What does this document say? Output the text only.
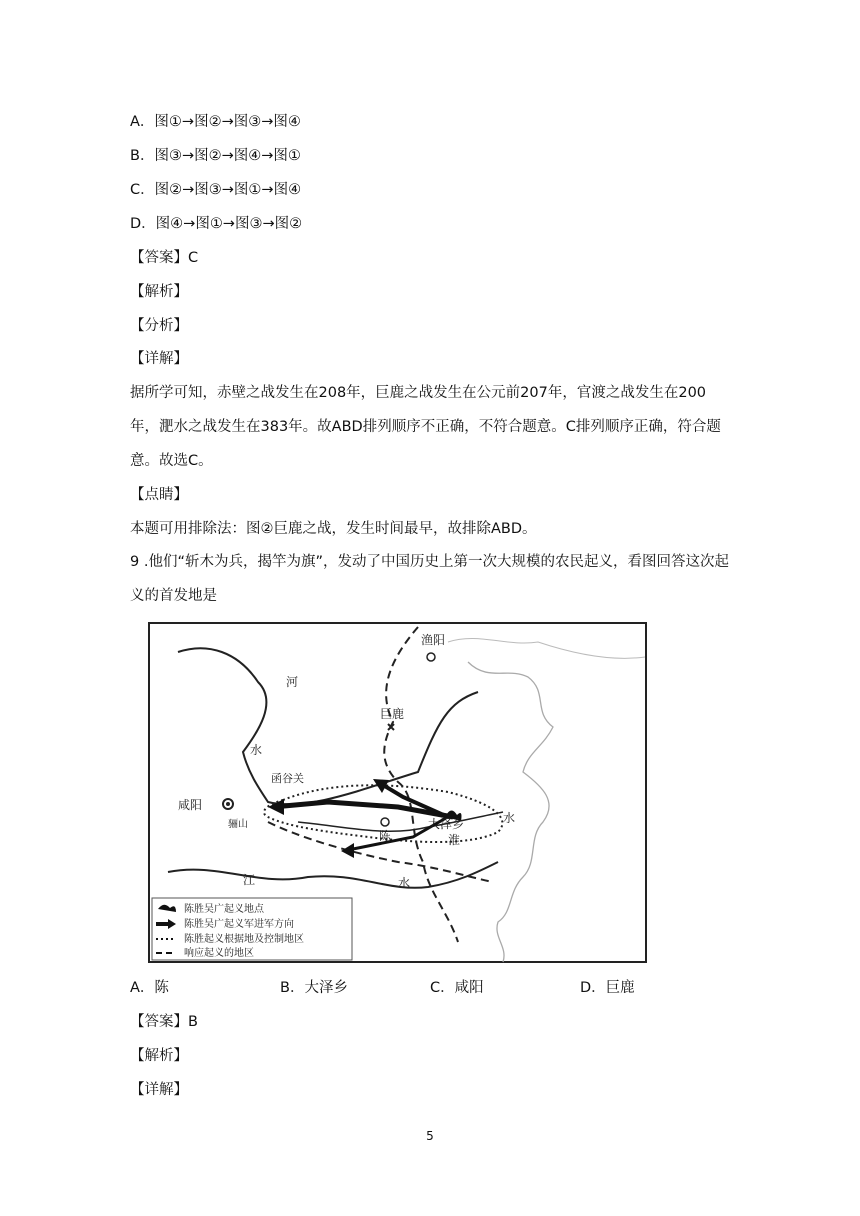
A．图①→图②→图③→图④
B．图③→图②→图④→图①
C．图②→图③→图①→图④
D．图④→图①→图③→图②
【答案】C
【解析】
【分析】
【详解】
据所学可知，赤壁之战发生在208年，巨鹿之战发生在公元前207年，官渡之战发生在200年，淝水之战发生在383年。故ABD排列顺序不正确，不符合题意。C排列顺序正确，符合题意。故选C。
【点睛】
本题可用排除法：图②巨鹿之战，发生时间最早，故排除ABD。
9 .他们“斩木为兵，揭竿为旗”，发动了中国历史上第一次大规模的农民起义，看图回答这次起义的首发地是
渔阳
巨鹿
咸阳
骊山
函谷关
陈
大泽乡
河
水
江	水
淮
水
陈胜吴广起义地点
陈胜吴广起义军进军方向
陈胜起义根据地及控制地区
响应起义的地区
A．陈	B．大泽乡	C．咸阳	D．巨鹿
【答案】B
【解析】
【详解】
5
